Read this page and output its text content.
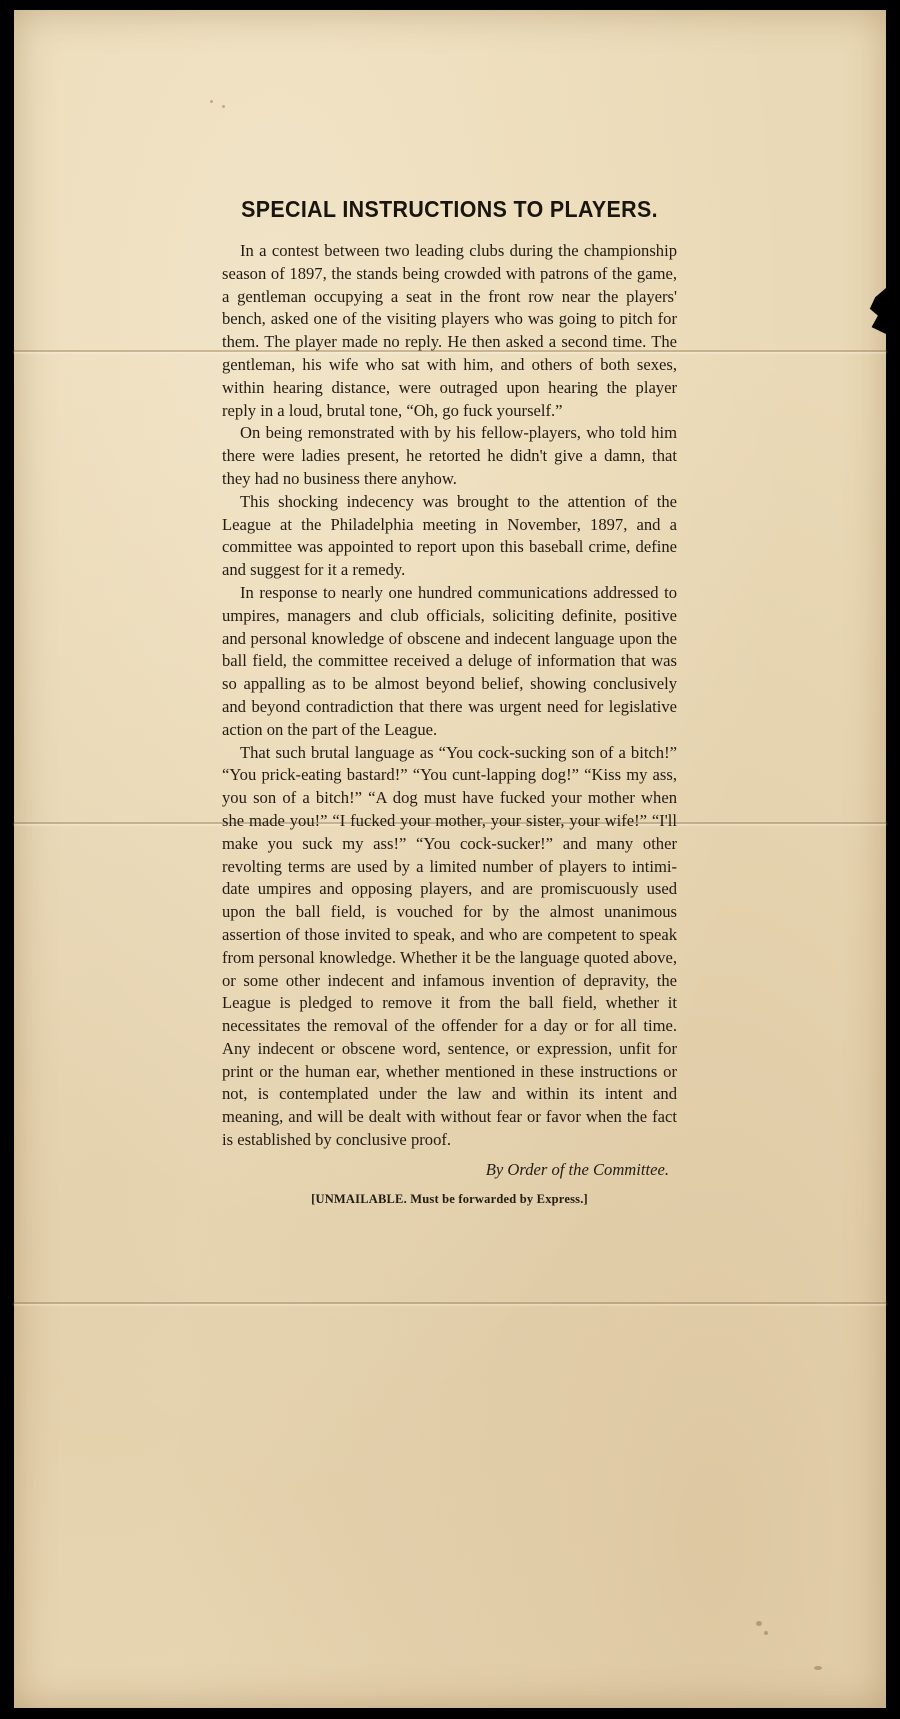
SPECIAL INSTRUCTIONS TO PLAYERS.

In a contest between two leading clubs during the championship season of 1897, the stands being crowded with patrons of the game, a gentleman occupying a seat in the front row near the players' bench, asked one of the visiting players who was going to pitch for them. The player made no reply. He then asked a second time. The gentleman, his wife who sat with him, and others of both sexes, within hearing distance, were outraged upon hearing the player reply in a loud, brutal tone, “Oh, go fuck yourself.”

On being remonstrated with by his fellow-players, who told him there were ladies present, he retorted he didn't give a damn, that they had no business there anyhow.

This shocking indecency was brought to the attention of the League at the Philadelphia meeting in November, 1897, and a committee was appointed to report upon this baseball crime, define and suggest for it a remedy.

In response to nearly one hundred communications addressed to umpires, managers and club officials, soliciting definite, positive and personal knowledge of obscene and indecent language upon the ball field, the committee received a deluge of information that was so appalling as to be almost beyond belief, showing conclusively and beyond contradiction that there was urgent need for legislative action on the part of the League.

That such brutal language as “You cock-sucking son of a bitch!” “You prick-eating bastard!” “You cunt-lapping dog!” “Kiss my ass, you son of a bitch!” “A dog must have fucked your mother when she made you!” “I fucked your mother, your sister, your wife!” “I'll make you suck my ass!” “You cock-sucker!” and many other revolting terms are used by a limited number of players to intimidate umpires and opposing players, and are promiscuously used upon the ball field, is vouched for by the almost unanimous assertion of those invited to speak, and who are competent to speak from personal knowledge. Whether it be the language quoted above, or some other indecent and infamous invention of depravity, the League is pledged to remove it from the ball field, whether it necessitates the removal of the offender for a day or for all time. Any indecent or obscene word, sentence, or expression, unfit for print or the human ear, whether mentioned in these instructions or not, is contemplated under the law and within its intent and meaning, and will be dealt with without fear or favor when the fact is established by conclusive proof.

By Order of the Committee.

[UNMAILABLE. Must be forwarded by Express.]
